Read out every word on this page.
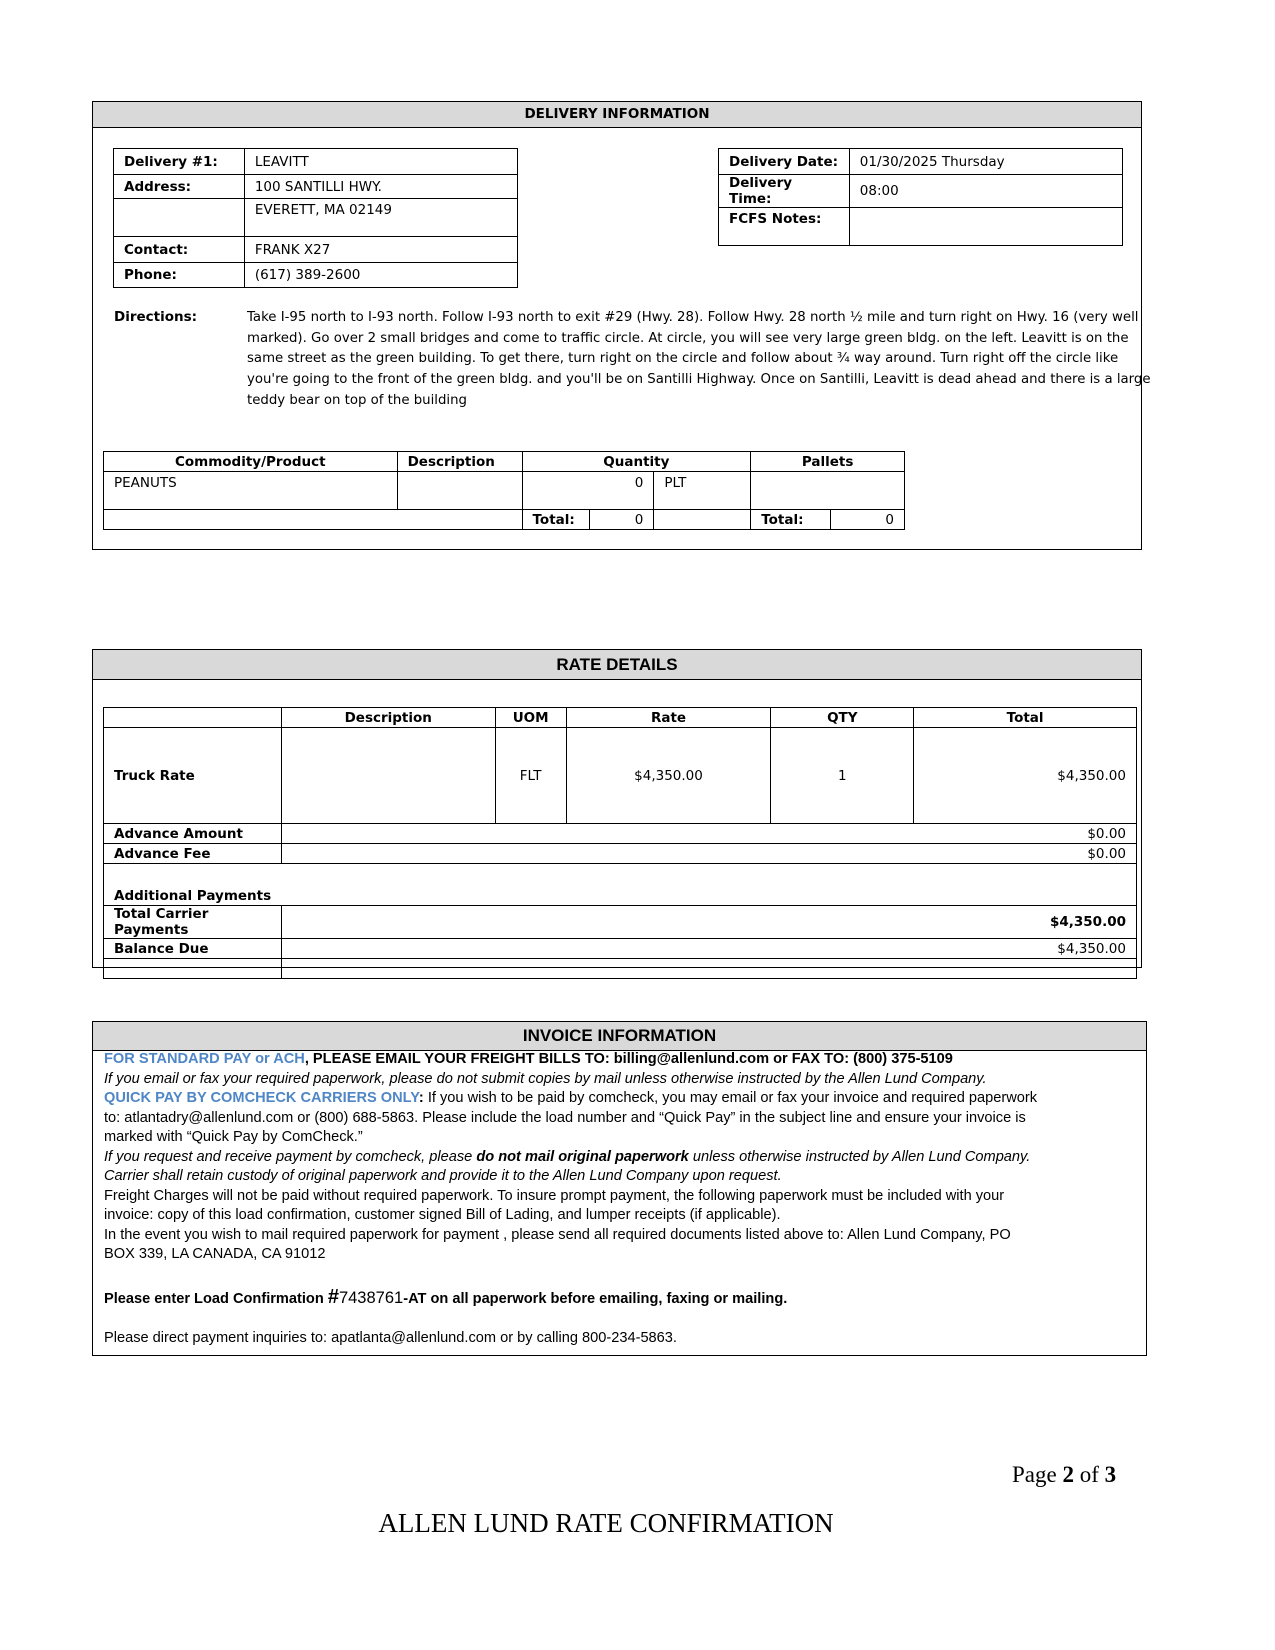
DELIVERY INFORMATION
Delivery #1:	LEAVITT
Address:	100 SANTILLI HWY.
	EVERETT, MA 02149
Contact:	FRANK X27
Phone:	(617) 389-2600
Delivery Date:	01/30/2025 Thursday
Delivery Time:	08:00
FCFS Notes:	
Directions:	Take I-95 north to I-93 north. Follow I-93 north to exit #29 (Hwy. 28). Follow Hwy. 28 north ½ mile and turn right on Hwy. 16 (very well
marked). Go over 2 small bridges and come to traffic circle. At circle, you will see very large green bldg. on the left. Leavitt is on the
same street as the green building. To get there, turn right on the circle and follow about ¾ way around. Turn right off the circle like
you're going to the front of the green bldg. and you'll be on Santilli Highway. Once on Santilli, Leavitt is dead ahead and there is a large
teddy bear on top of the building
Commodity/Product	Description	Quantity			Pallets	
PEANUTS		0		PLT		
		Total:	0		Total:	0
RATE DETAILS
	Description	UOM	Rate	QTY	Total
Truck Rate		FLT	$4,350.00	1	$4,350.00
Advance Amount	$0.00				
Advance Fee	$0.00				
Additional Payments					
Total Carrier Payments	$4,350.00				
Balance Due	$4,350.00				

INVOICE INFORMATION

FOR STANDARD PAY or ACH, PLEASE EMAIL YOUR FREIGHT BILLS TO: billing@allenlund.com or FAX TO: (800) 375-5109

If you email or fax your required paperwork, please do not submit copies by mail unless otherwise instructed by the Allen Lund Company.

QUICK PAY BY COMCHECK CARRIERS ONLY: If you wish to be paid by comcheck, you may email or fax your invoice and required paperwork

to: atlantadry@allenlund.com or (800) 688-5863. Please include the load number and “Quick Pay” in the subject line and ensure your invoice is

marked with “Quick Pay by ComCheck.”

If you request and receive payment by comcheck, please do not mail original paperwork unless otherwise instructed by Allen Lund Company.

Carrier shall retain custody of original paperwork and provide it to the Allen Lund Company upon request.

Freight Charges will not be paid without required paperwork. To insure prompt payment, the following paperwork must be included with your

invoice: copy of this load confirmation, customer signed Bill of Lading, and lumper receipts (if applicable).

In the event you wish to mail required paperwork for payment , please send all required documents listed above to: Allen Lund Company, PO

BOX 339, LA CANADA, CA 91012

Please enter Load Confirmation #7438761-AT on all paperwork before emailing, faxing or mailing.

Please direct payment inquiries to: apatlanta@allenlund.com or by calling 800-234-5863.

Page 2 of 3
ALLEN LUND RATE CONFIRMATION
